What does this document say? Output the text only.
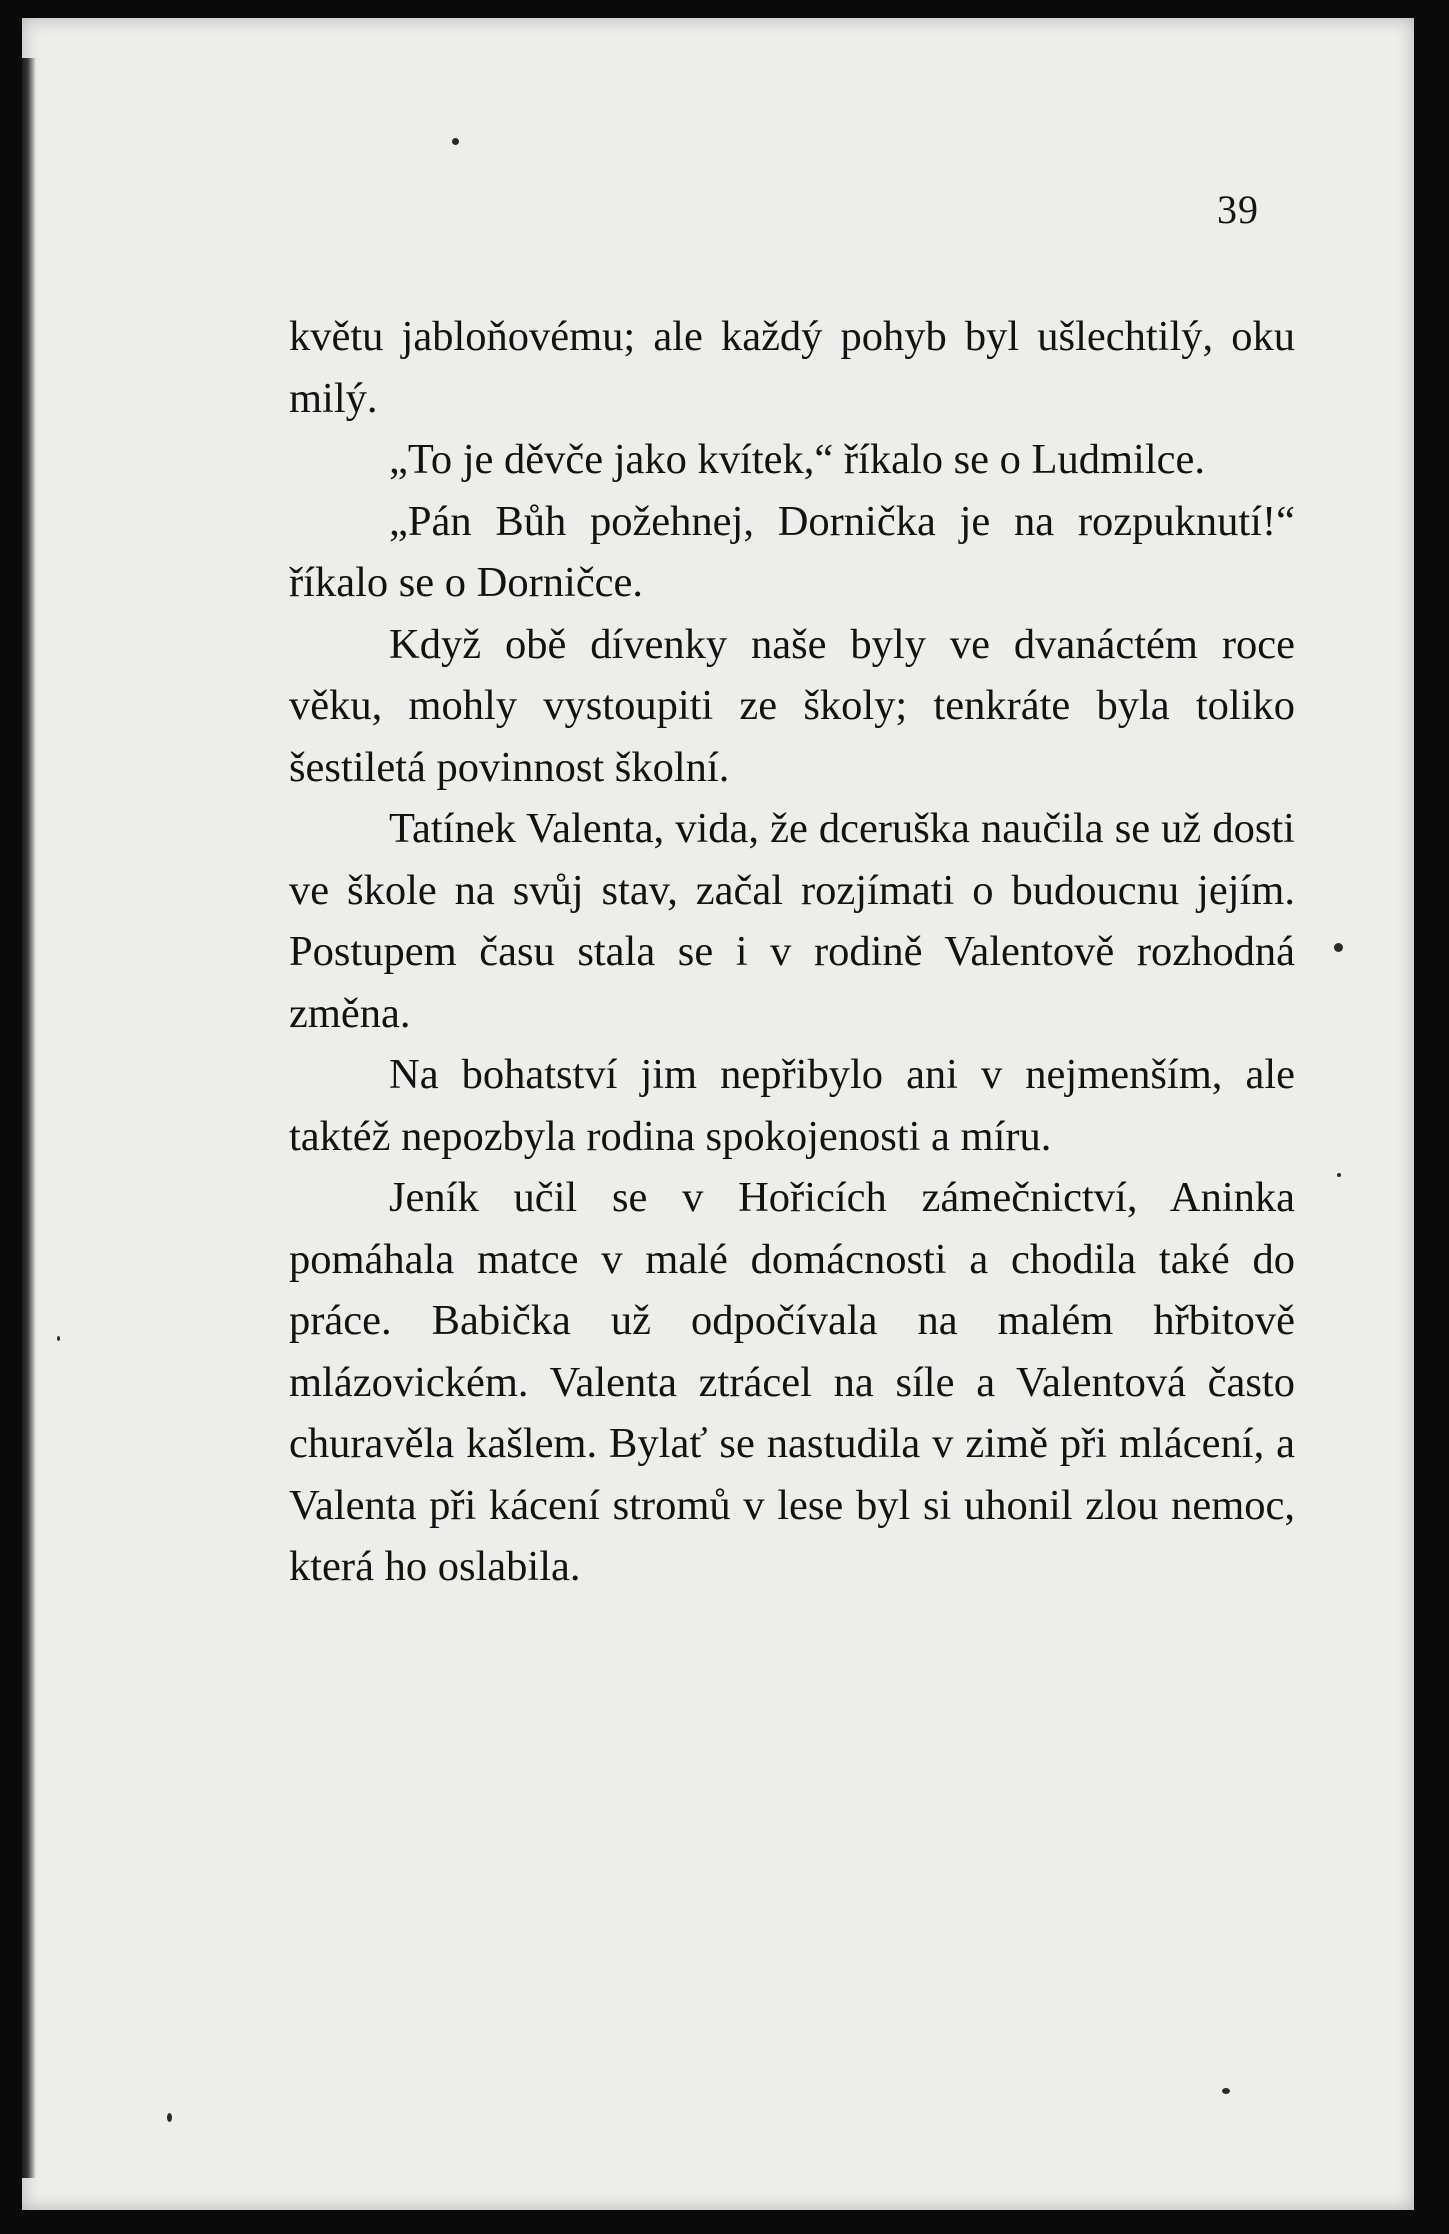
39

květu jabloňovému; ale každý pohyb byl ušlechtilý, oku milý.

„To je děvče jako kvítek,“ říkalo se o Ludmilce.

„Pán Bůh požehnej, Dornička je na rozpuknutí!“ říkalo se o Dorničce.

Když obě dívenky naše byly ve dvanáctém roce věku, mohly vystoupiti ze školy; tenkráte byla toliko šestiletá povinnost školní.

Tatínek Valenta, vida, že dceruška naučila se už dosti ve škole na svůj stav, začal rozjímati o budoucnu jejím. Postupem času stala se i v rodině Valentově rozhodná změna.

Na bohatství jim nepřibylo ani v nejmenším, ale taktéž nepozbyla rodina spokojenosti a míru.

Jeník učil se v Hořicích zámečnictví, Aninka pomáhala matce v malé domácnosti a chodila také do práce. Babička už odpočívala na malém hřbitově mlázovickém. Valenta ztrácel na síle a Valentová často churavěla kašlem. Bylať se nastudila v zimě při mlácení, a Valenta při kácení stromů v lese byl si uhonil zlou nemoc, která ho oslabila.
